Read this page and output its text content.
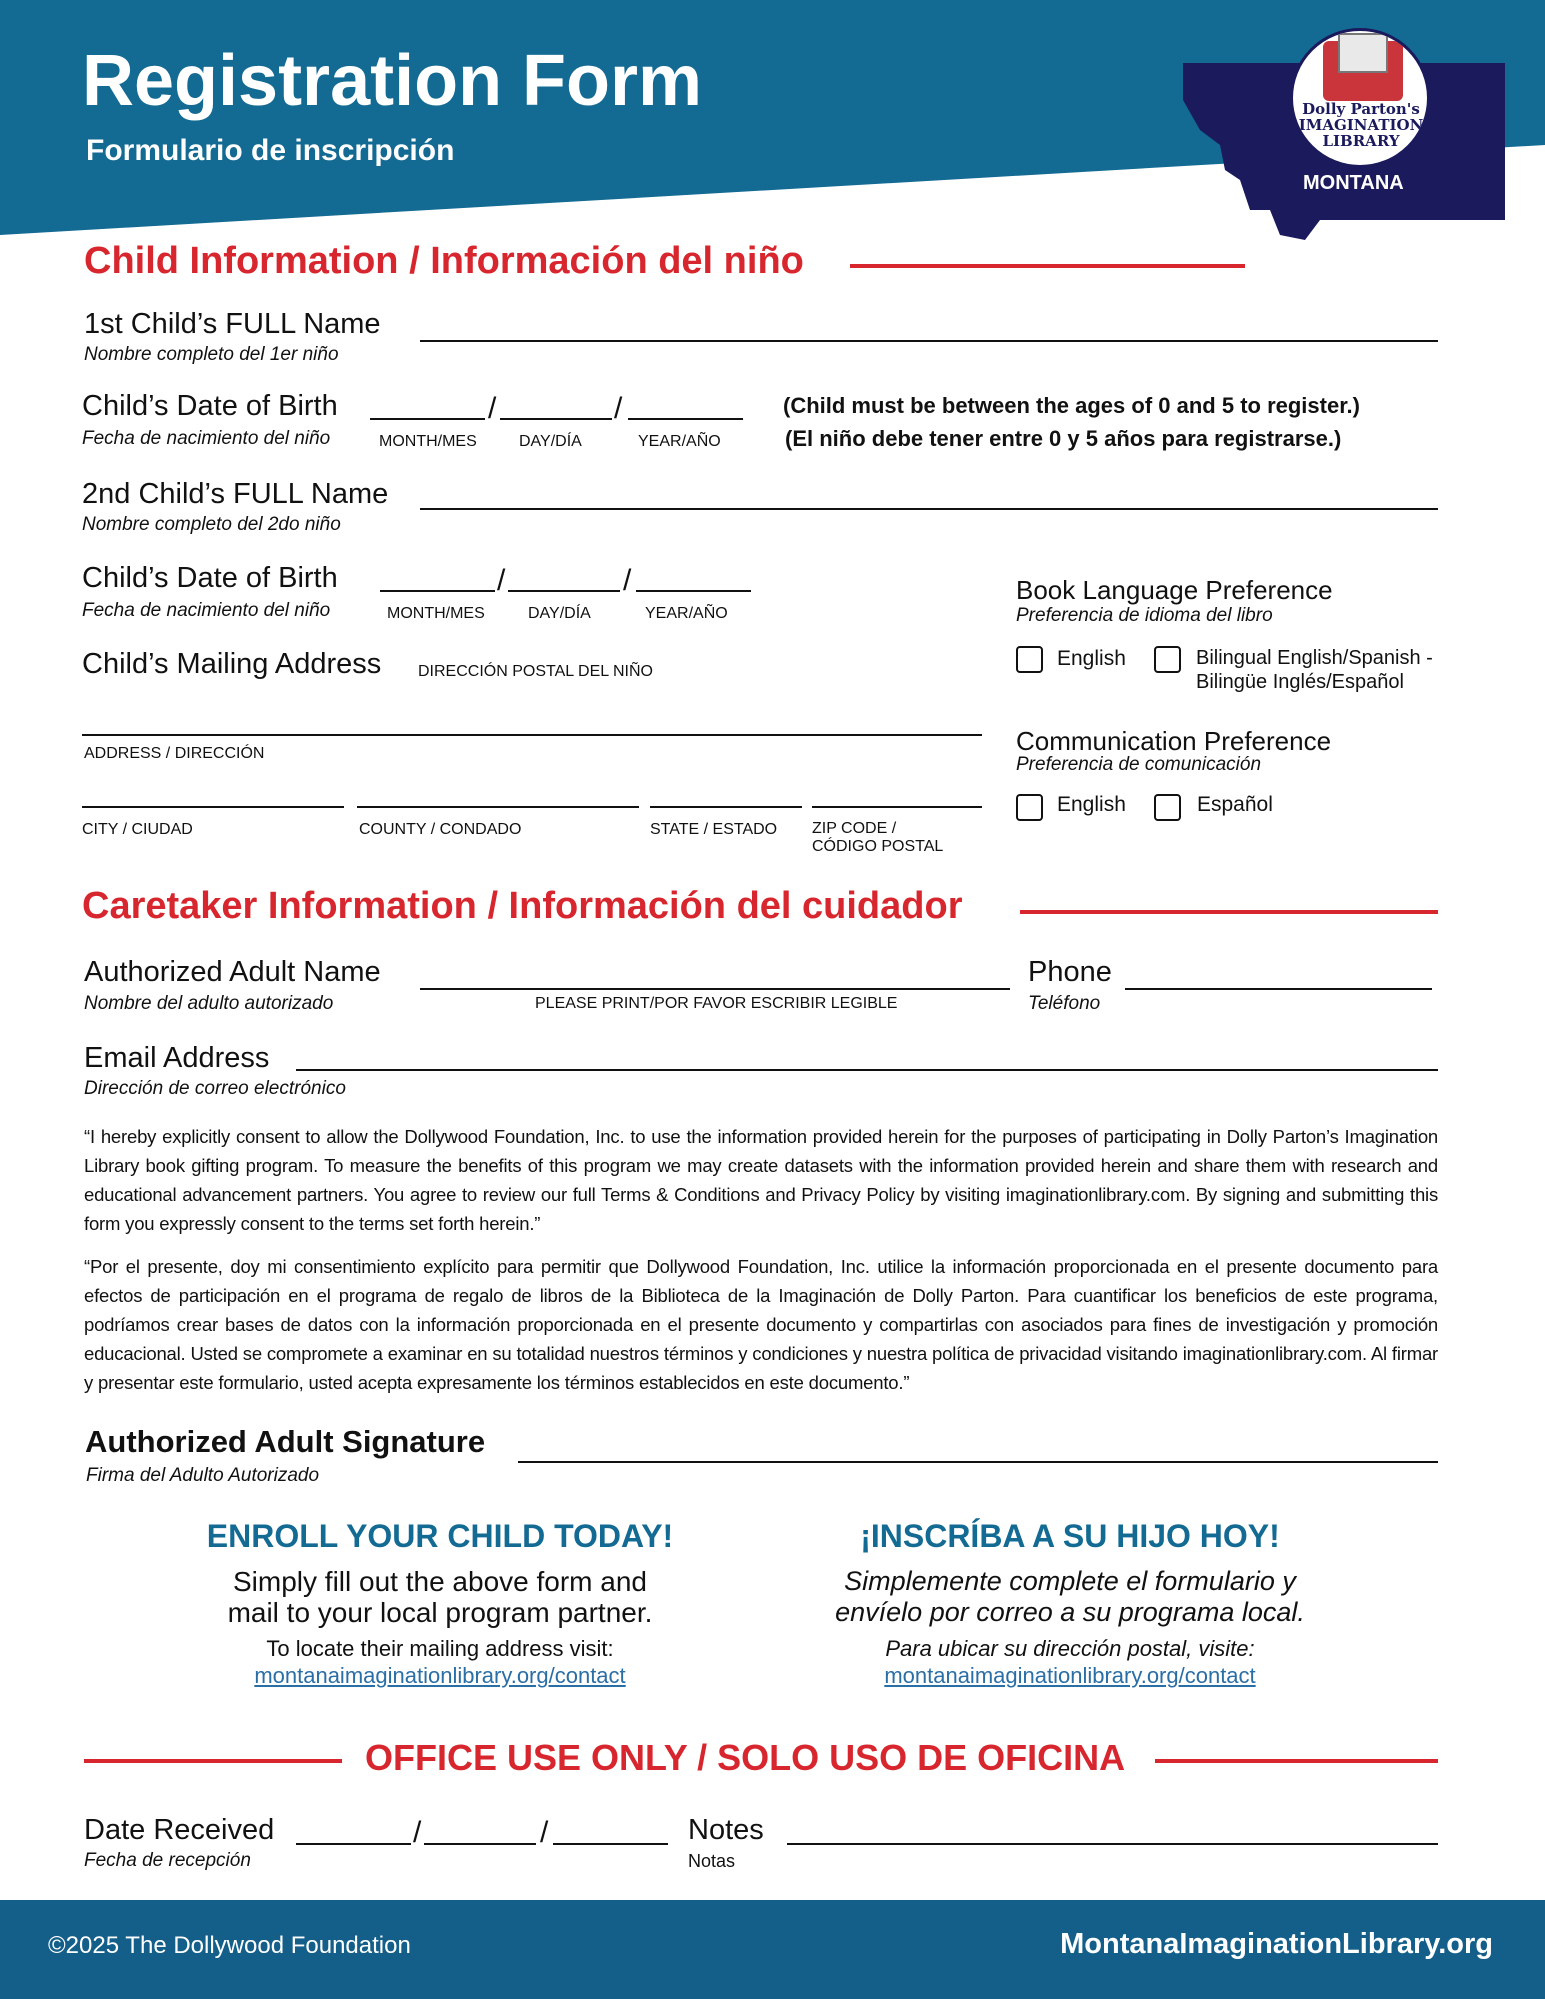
Registration Form
Formulario de inscripción
Dolly Parton's IMAGINATION LIBRARY
MONTANA
Child Information / Información del niño
1st Child’s FULL Name
Nombre completo del 1er niño
Child’s Date of Birth
Fecha de nacimiento del niño
/	/
MONTH/MES	DAY/DÍA	YEAR/AÑO
(Child must be between the ages of 0 and 5 to register.)
(El niño debe tener entre 0 y 5 años para registrarse.)
2nd Child’s FULL Name
Nombre completo del 2do niño
Child’s Date of Birth
Fecha de nacimiento del niño
/	/
MONTH/MES	DAY/DÍA	YEAR/AÑO
Child’s Mailing Address DIRECCIÓN POSTAL DEL NIÑO
ADDRESS / DIRECCIÓN
CITY / CIUDAD	COUNTY / CONDADO	STATE / ESTADO ZIP CODE /
CÓDIGO POSTAL
Book Language Preference
Preferencia de idioma del libro
English	Bilingual English/Spanish -
Bilingüe Inglés/Español
Communication Preference
Preferencia de comunicación
English	Español
Caretaker Information / Información del cuidador
Authorized Adult Name
Nombre del adulto autorizado	PLEASE PRINT/POR FAVOR ESCRIBIR LEGIBLE
Phone
Teléfono
Email Address
Dirección de correo electrónico

“I hereby explicitly consent to allow the Dollywood Foundation, Inc. to use the information provided herein for the purposes of participating in Dolly Parton’s Imagination Library book gifting program. To measure the benefits of this program we may create datasets with the information provided herein and share them with research and educational advancement partners. You agree to review our full Terms & Conditions and Privacy Policy by visiting imaginationlibrary.com. By signing and submitting this form you expressly consent to the terms set forth herein.”

“Por el presente, doy mi consentimiento explícito para permitir que Dollywood Foundation, Inc. utilice la información proporcionada en el presente documento para efectos de participación en el programa de regalo de libros de la Biblioteca de la Imaginación de Dolly Parton. Para cuantificar los beneficios de este programa, podríamos crear bases de datos con la información proporcionada en el presente documento y compartirlas con asociados para fines de investigación y promoción educacional. Usted se compromete a examinar en su totalidad nuestros términos y condiciones y nuestra política de privacidad visitando imaginationlibrary.com. Al firmar y presentar este formulario, usted acepta expresamente los términos establecidos en este documento.”

Authorized Adult Signature
Firma del Adulto Autorizado
ENROLL YOUR CHILD TODAY!
Simply fill out the above form and
mail to your local program partner.
To locate their mailing address visit:
montanaimaginationlibrary.org/contact
¡INSCRÍBA A SU HIJO HOY!
Simplemente complete el formulario y
envíelo por correo a su programa local.
Para ubicar su dirección postal, visite:
montanaimaginationlibrary.org/contact
OFFICE USE ONLY / SOLO USO DE OFICINA
Date Received
Fecha de recepción
/	/	Notes
Notas
©2025 The Dollywood Foundation	MontanaImaginationLibrary.org
